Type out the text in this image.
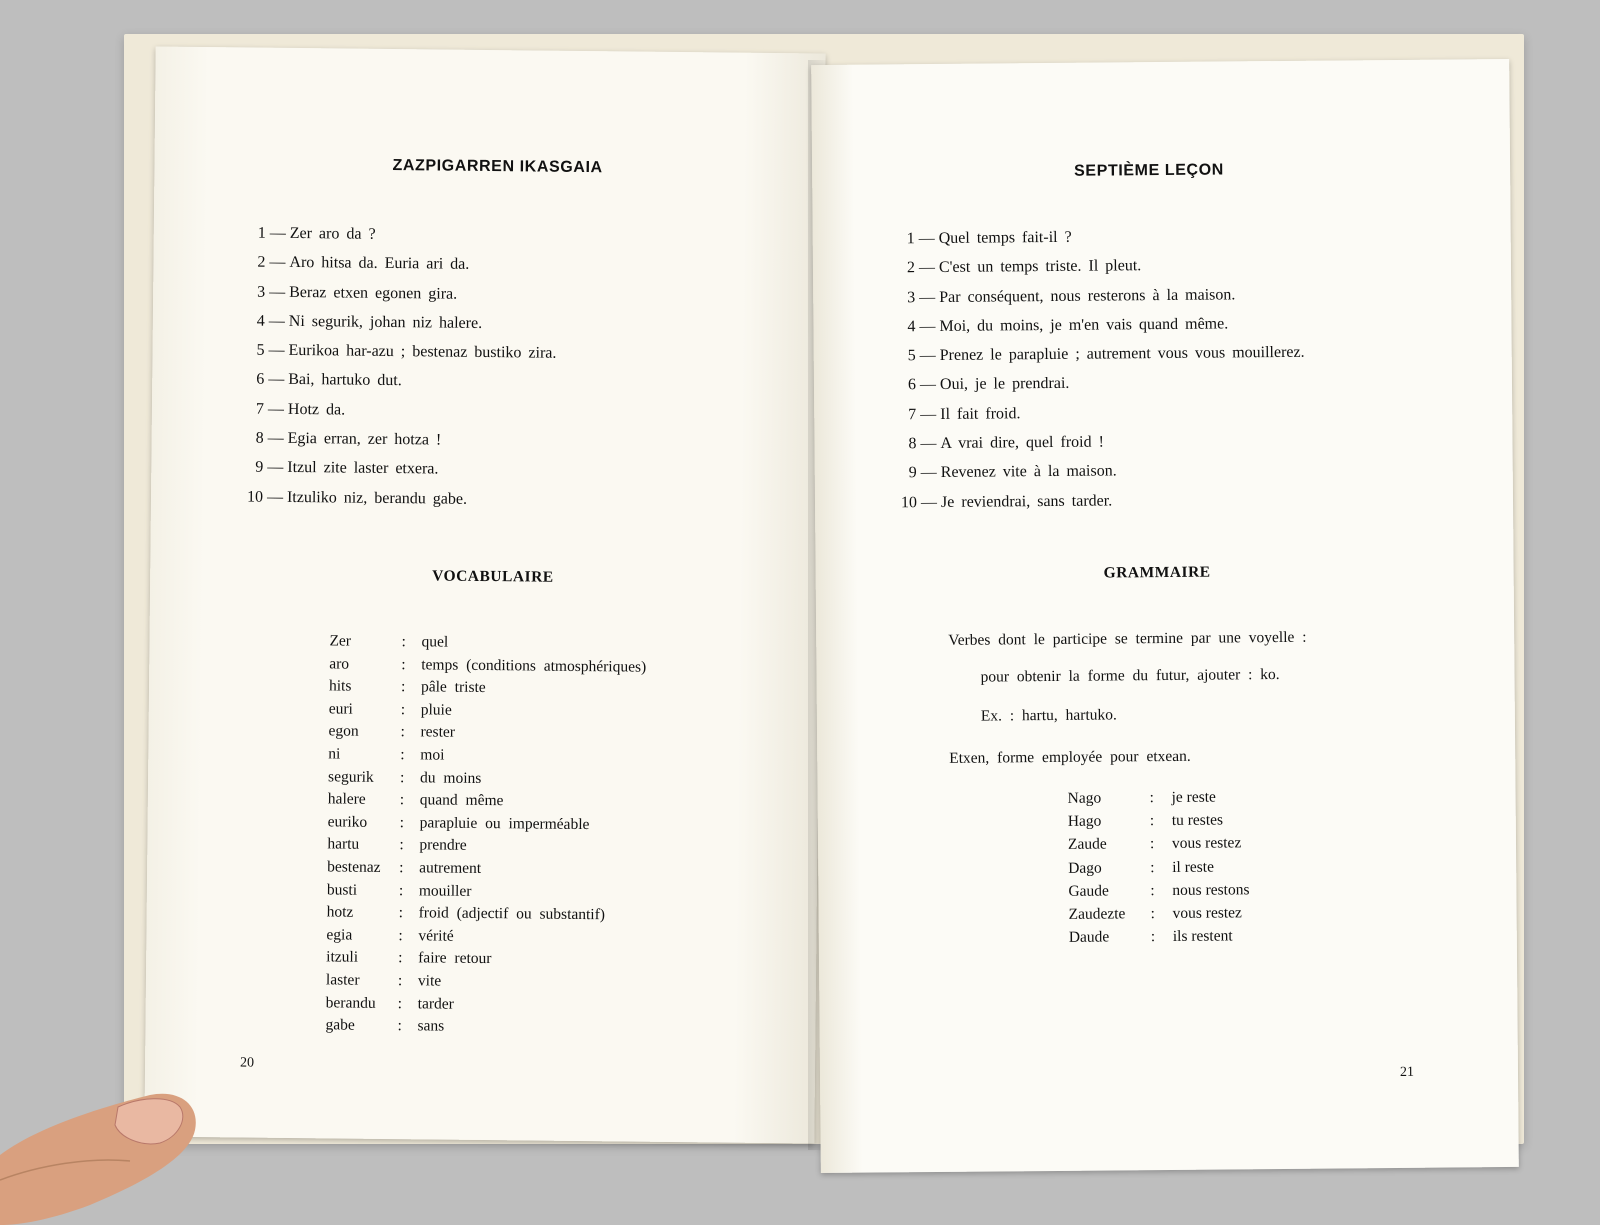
ZAZPIGARREN IKASGAIA
1 — Zer aro da ?
2 — Aro hitsa da. Euria ari da.
3 — Beraz etxen egonen gira.
4 — Ni segurik, johan niz halere.
5 — Eurikoa har-azu ; bestenaz bustiko zira.
6 — Bai, hartuko dut.
7 — Hotz da.
8 — Egia erran, zer hotza !
9 — Itzul zite laster etxera.
10 — Itzuliko niz, berandu gabe.
VOCABULAIRE
Zer	:	quel
aro	:	temps (conditions atmosphériques)
hits	:	pâle triste
euri	:	pluie
egon	:	rester
ni	:	moi
segurik	:	du moins
halere	:	quand même
euriko	:	parapluie ou imperméable
hartu	:	prendre
bestenaz	:	autrement
busti	:	mouiller
hotz	:	froid (adjectif ou substantif)
egia	:	vérité
itzuli	:	faire retour
laster	:	vite
berandu	:	tarder
gabe	:	sans
20
SEPTIÈME LEÇON
1 — Quel temps fait-il ?
2 — C'est un temps triste. Il pleut.
3 — Par conséquent, nous resterons à la maison.
4 — Moi, du moins, je m'en vais quand même.
5 — Prenez le parapluie ; autrement vous vous mouillerez.
6 — Oui, je le prendrai.
7 — Il fait froid.
8 — A vrai dire, quel froid !
9 — Revenez vite à la maison.
10 — Je reviendrai, sans tarder.
GRAMMAIRE
Verbes dont le participe se termine par une voyelle :
pour obtenir la forme du futur, ajouter : ko.
Ex. : hartu, hartuko.
Etxen, forme employée pour etxean.
Nago	:	je reste
Hago	:	tu restes
Zaude	:	vous restez
Dago	:	il reste
Gaude	:	nous restons
Zaudezte	:	vous restez
Daude	:	ils restent
21
